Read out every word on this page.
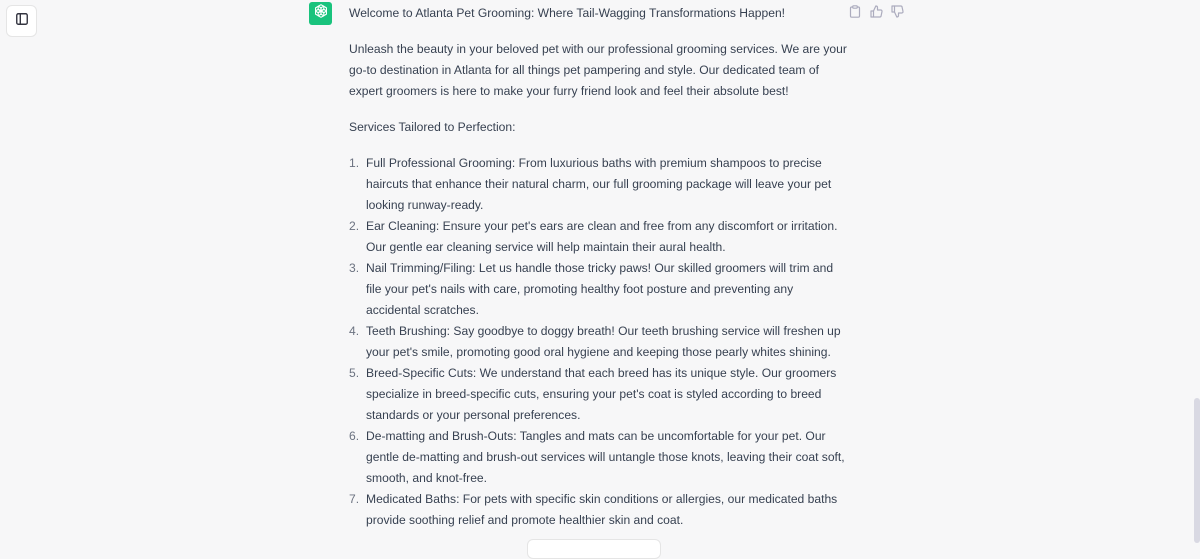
Welcome to Atlanta Pet Grooming: Where Tail-Wagging Transformations Happen!

Unleash the beauty in your beloved pet with our professional grooming services. We are your go-to destination in Atlanta for all things pet pampering and style. Our dedicated team of expert groomers is here to make your furry friend look and feel their absolute best!

Services Tailored to Perfection:

1. Full Professional Grooming: From luxurious baths with premium shampoos to precise haircuts that enhance their natural charm, our full grooming package will leave your pet looking runway-ready.
2. Ear Cleaning: Ensure your pet's ears are clean and free from any discomfort or irritation. Our gentle ear cleaning service will help maintain their aural health.
3. Nail Trimming/Filing: Let us handle those tricky paws! Our skilled groomers will trim and file your pet's nails with care, promoting healthy foot posture and preventing any accidental scratches.
4. Teeth Brushing: Say goodbye to doggy breath! Our teeth brushing service will freshen up your pet's smile, promoting good oral hygiene and keeping those pearly whites shining.
5. Breed-Specific Cuts: We understand that each breed has its unique style. Our groomers specialize in breed-specific cuts, ensuring your pet's coat is styled according to breed standards or your personal preferences.
6. De-matting and Brush-Outs: Tangles and mats can be uncomfortable for your pet. Our gentle de-matting and brush-out services will untangle those knots, leaving their coat soft, smooth, and knot-free.
7. Medicated Baths: For pets with specific skin conditions or allergies, our medicated baths provide soothing relief and promote healthier skin and coat.
